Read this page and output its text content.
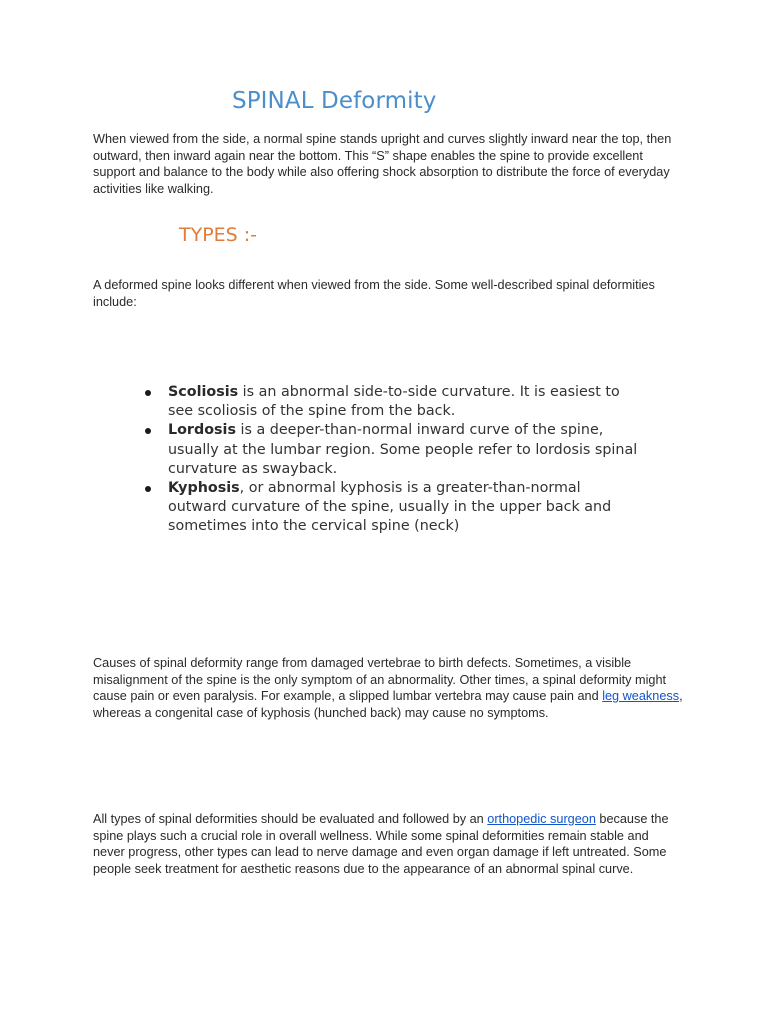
SPINAL Deformity

When viewed from the side, a normal spine stands upright and curves slightly inward near the top, then outward, then inward again near the bottom. This “S” shape enables the spine to provide excellent support and balance to the body while also offering shock absorption to distribute the force of everyday activities like walking.

TYPES :-

A deformed spine looks different when viewed from the side. Some well-described spinal deformities include:

Scoliosis is an abnormal side-to-side curvature. It is easiest to see scoliosis of the spine from the back.
Lordosis is a deeper-than-normal inward curve of the spine, usually at the lumbar region. Some people refer to lordosis spinal curvature as swayback.
Kyphosis, or abnormal kyphosis is a greater-than-normal outward curvature of the spine, usually in the upper back and sometimes into the cervical spine (neck)

Causes of spinal deformity range from damaged vertebrae to birth defects. Sometimes, a visible misalignment of the spine is the only symptom of an abnormality. Other times, a spinal deformity might cause pain or even paralysis. For example, a slipped lumbar vertebra may cause pain and leg weakness, whereas a congenital case of kyphosis (hunched back) may cause no symptoms.

All types of spinal deformities should be evaluated and followed by an orthopedic surgeon because the spine plays such a crucial role in overall wellness. While some spinal deformities remain stable and never progress, other types can lead to nerve damage and even organ damage if left untreated. Some people seek treatment for aesthetic reasons due to the appearance of an abnormal spinal curve.
